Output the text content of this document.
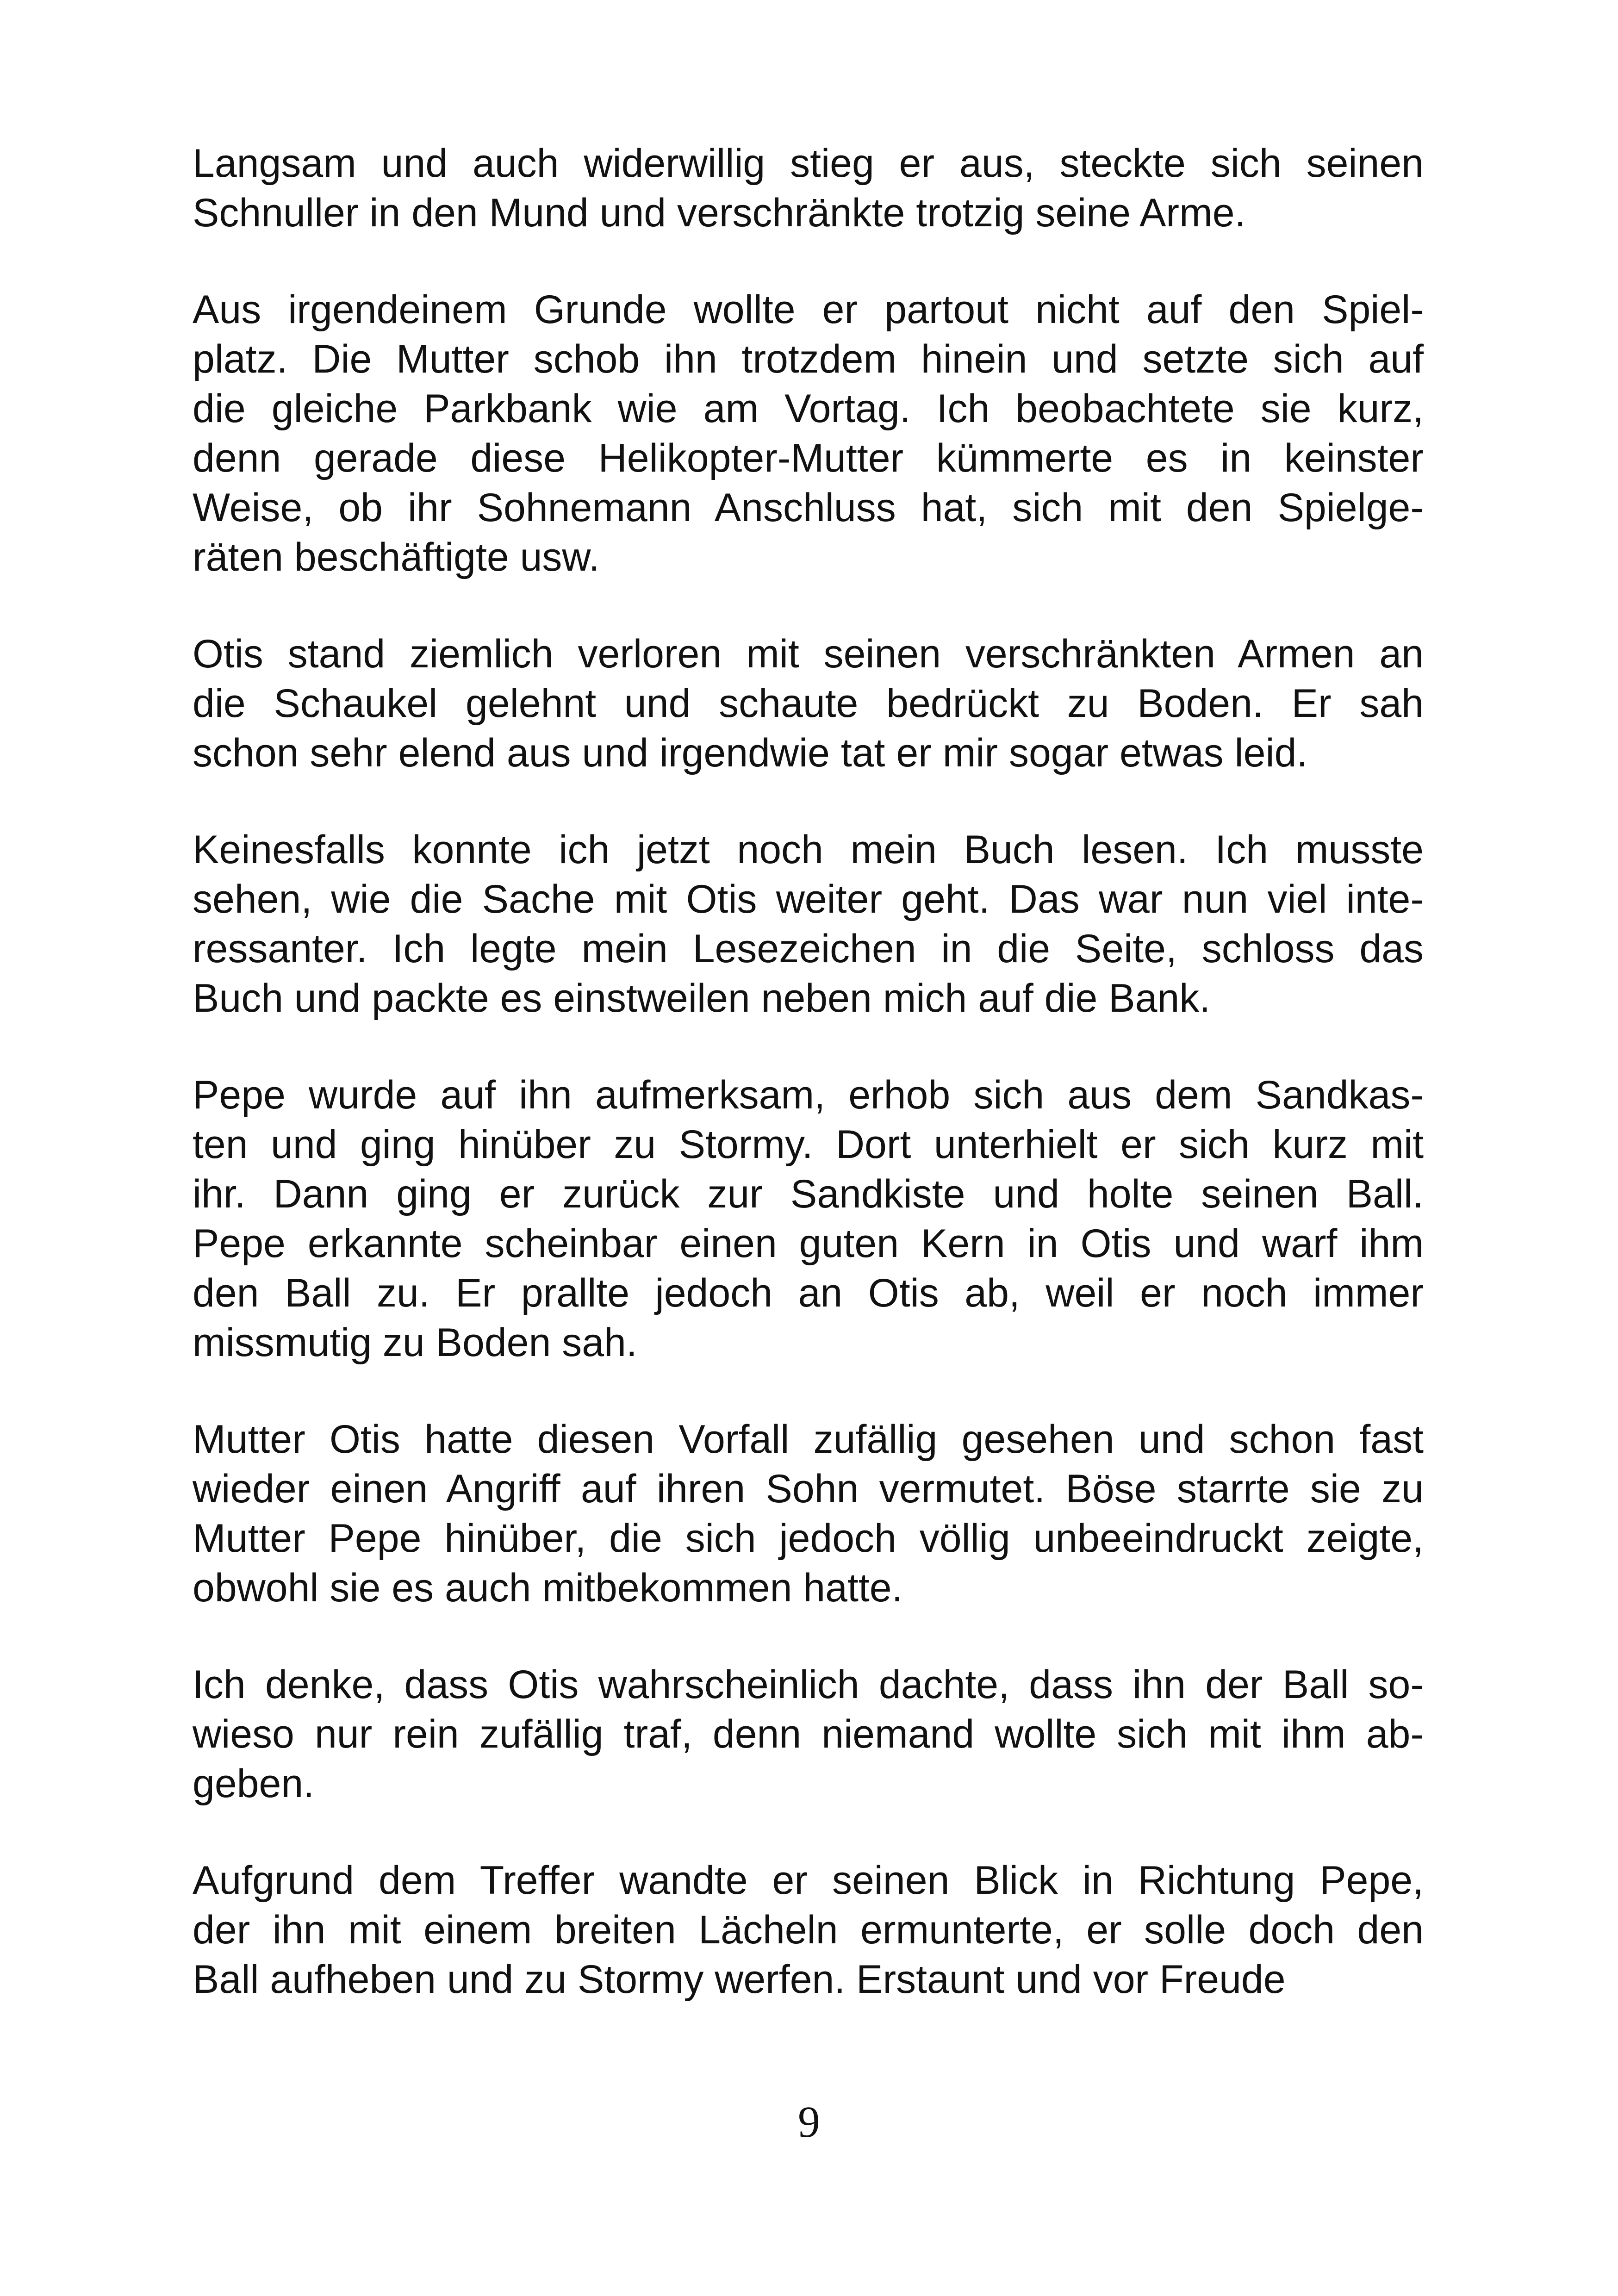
Langsam und auch widerwillig stieg er aus, steckte sich seinen
Schnuller in den Mund und verschränkte trotzig seine Arme.

Aus irgendeinem Grunde wollte er partout nicht auf den Spiel-
platz. Die Mutter schob ihn trotzdem hinein und setzte sich auf
die gleiche Parkbank wie am Vortag. Ich beobachtete sie kurz,
denn gerade diese Helikopter-Mutter kümmerte es in keinster
Weise, ob ihr Sohnemann Anschluss hat, sich mit den Spielge-
räten beschäftigte usw.

Otis stand ziemlich verloren mit seinen verschränkten Armen an
die Schaukel gelehnt und schaute bedrückt zu Boden. Er sah
schon sehr elend aus und irgendwie tat er mir sogar etwas leid.

Keinesfalls konnte ich jetzt noch mein Buch lesen. Ich musste
sehen, wie die Sache mit Otis weiter geht. Das war nun viel inte-
ressanter. Ich legte mein Lesezeichen in die Seite, schloss das
Buch und packte es einstweilen neben mich auf die Bank.

Pepe wurde auf ihn aufmerksam, erhob sich aus dem Sandkas-
ten und ging hinüber zu Stormy. Dort unterhielt er sich kurz mit
ihr. Dann ging er zurück zur Sandkiste und holte seinen Ball.
Pepe erkannte scheinbar einen guten Kern in Otis und warf ihm
den Ball zu. Er prallte jedoch an Otis ab, weil er noch immer
missmutig zu Boden sah.

Mutter Otis hatte diesen Vorfall zufällig gesehen und schon fast
wieder einen Angriff auf ihren Sohn vermutet. Böse starrte sie zu
Mutter Pepe hinüber, die sich jedoch völlig unbeeindruckt zeigte,
obwohl sie es auch mitbekommen hatte.

Ich denke, dass Otis wahrscheinlich dachte, dass ihn der Ball so-
wieso nur rein zufällig traf, denn niemand wollte sich mit ihm ab-
geben.

Aufgrund dem Treffer wandte er seinen Blick in Richtung Pepe,
der ihn mit einem breiten Lächeln ermunterte, er solle doch den
Ball aufheben und zu Stormy werfen. Erstaunt und vor Freude

9
